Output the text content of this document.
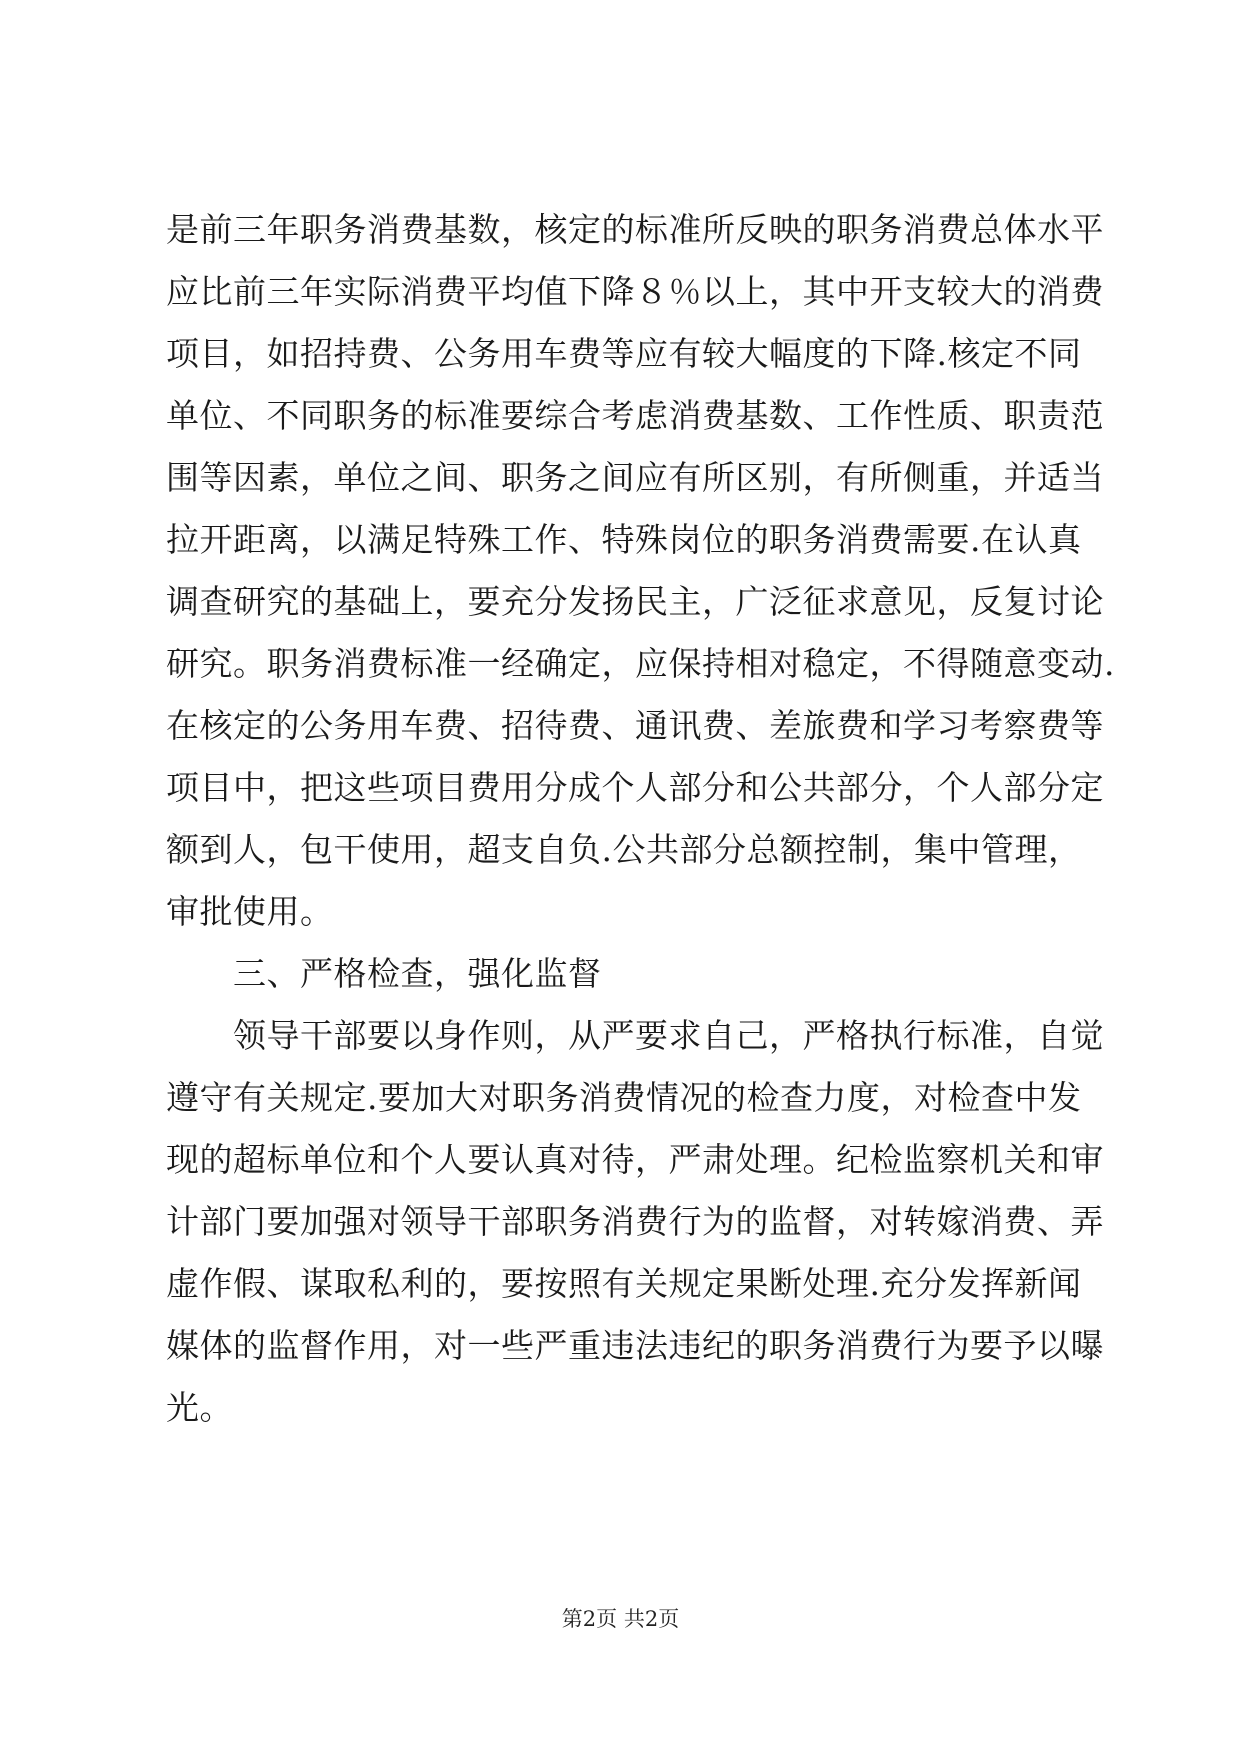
是前三年职务消费基数，核定的标准所反映的职务消费总体水平
应比前三年实际消费平均值下降８％以上，其中开支较大的消费
项目，如招持费、公务用车费等应有较大幅度的下降.核定不同
单位、不同职务的标准要综合考虑消费基数、工作性质、职责范
围等因素，单位之间、职务之间应有所区别，有所侧重，并适当
拉开距离，以满足特殊工作、特殊岗位的职务消费需要.在认真
调查研究的基础上，要充分发扬民主，广泛征求意见，反复讨论
研究。职务消费标准一经确定，应保持相对稳定，不得随意变动.
在核定的公务用车费、招待费、通讯费、差旅费和学习考察费等
项目中，把这些项目费用分成个人部分和公共部分，个人部分定
额到人，包干使用，超支自负.公共部分总额控制，集中管理，
审批使用。
三、严格检查，强化监督
领导干部要以身作则，从严要求自己，严格执行标准，自觉
遵守有关规定.要加大对职务消费情况的检查力度，对检查中发
现的超标单位和个人要认真对待，严肃处理。纪检监察机关和审
计部门要加强对领导干部职务消费行为的监督，对转嫁消费、弄
虚作假、谋取私利的，要按照有关规定果断处理.充分发挥新闻
媒体的监督作用，对一些严重违法违纪的职务消费行为要予以曝
光。
第2页 共2页
